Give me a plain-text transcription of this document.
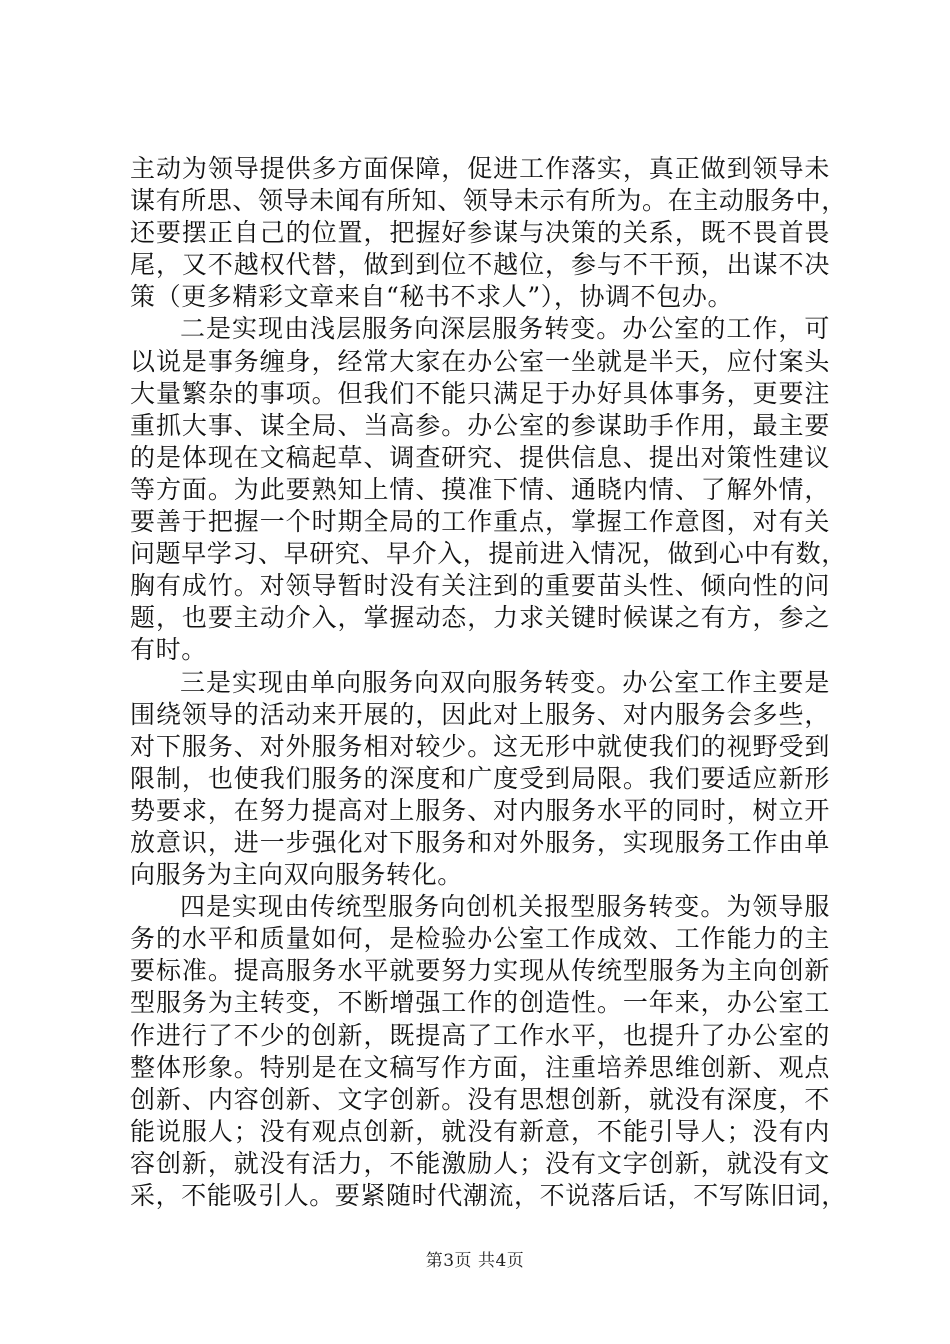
主动为领导提供多方面保障，促进工作落实，真正做到领导未
谋有所思、领导未闻有所知、领导未示有所为。在主动服务中，
还要摆正自己的位置，把握好参谋与决策的关系，既不畏首畏
尾，又不越权代替，做到到位不越位，参与不干预，出谋不决
策（更多精彩文章来自“秘书不求人”），协调不包办。
二是实现由浅层服务向深层服务转变。办公室的工作，可
以说是事务缠身，经常大家在办公室一坐就是半天，应付案头
大量繁杂的事项。但我们不能只满足于办好具体事务，更要注
重抓大事、谋全局、当高参。办公室的参谋助手作用，最主要
的是体现在文稿起草、调查研究、提供信息、提出对策性建议
等方面。为此要熟知上情、摸准下情、通晓内情、了解外情，
要善于把握一个时期全局的工作重点，掌握工作意图，对有关
问题早学习、早研究、早介入，提前进入情况，做到心中有数，
胸有成竹。对领导暂时没有关注到的重要苗头性、倾向性的问
题，也要主动介入，掌握动态，力求关键时候谋之有方，参之
有时。
三是实现由单向服务向双向服务转变。办公室工作主要是
围绕领导的活动来开展的，因此对上服务、对内服务会多些，
对下服务、对外服务相对较少。这无形中就使我们的视野受到
限制，也使我们服务的深度和广度受到局限。我们要适应新形
势要求，在努力提高对上服务、对内服务水平的同时，树立开
放意识，进一步强化对下服务和对外服务，实现服务工作由单
向服务为主向双向服务转化。
四是实现由传统型服务向创机关报型服务转变。为领导服
务的水平和质量如何，是检验办公室工作成效、工作能力的主
要标准。提高服务水平就要努力实现从传统型服务为主向创新
型服务为主转变，不断增强工作的创造性。一年来，办公室工
作进行了不少的创新，既提高了工作水平，也提升了办公室的
整体形象。特别是在文稿写作方面，注重培养思维创新、观点
创新、内容创新、文字创新。没有思想创新，就没有深度，不
能说服人；没有观点创新，就没有新意，不能引导人；没有内
容创新，就没有活力，不能激励人；没有文字创新，就没有文
采，不能吸引人。要紧随时代潮流，不说落后话，不写陈旧词，
第3页 共4页
